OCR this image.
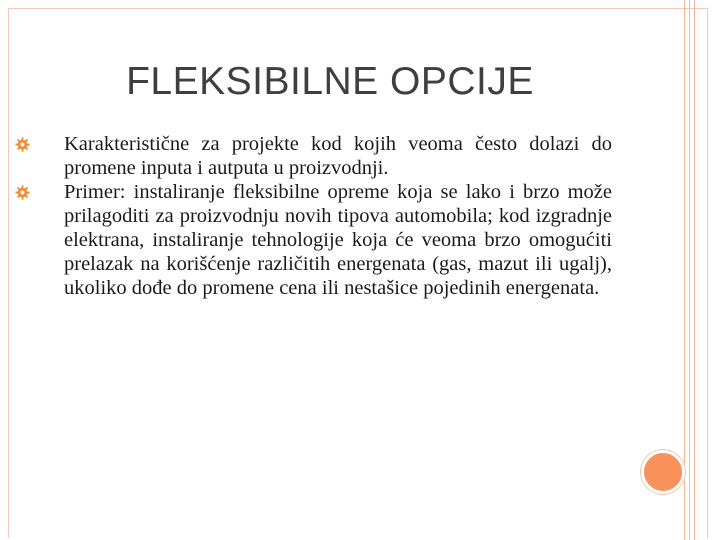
FLEKSIBILNE OPCIJE
Karakteristične za projekte kod kojih veoma često dolazi do promene inputa i autputa u proizvodnji.
Primer: instaliranje fleksibilne opreme koja se lako i brzo može prilagoditi za proizvodnju novih tipova automobila; kod izgradnje elektrana, instaliranje tehnologije koja će veoma brzo omogućiti prelazak na korišćenje različitih energenata (gas, mazut ili ugalj), ukoliko dođe do promene cena ili nestašice pojedinih energenata.
